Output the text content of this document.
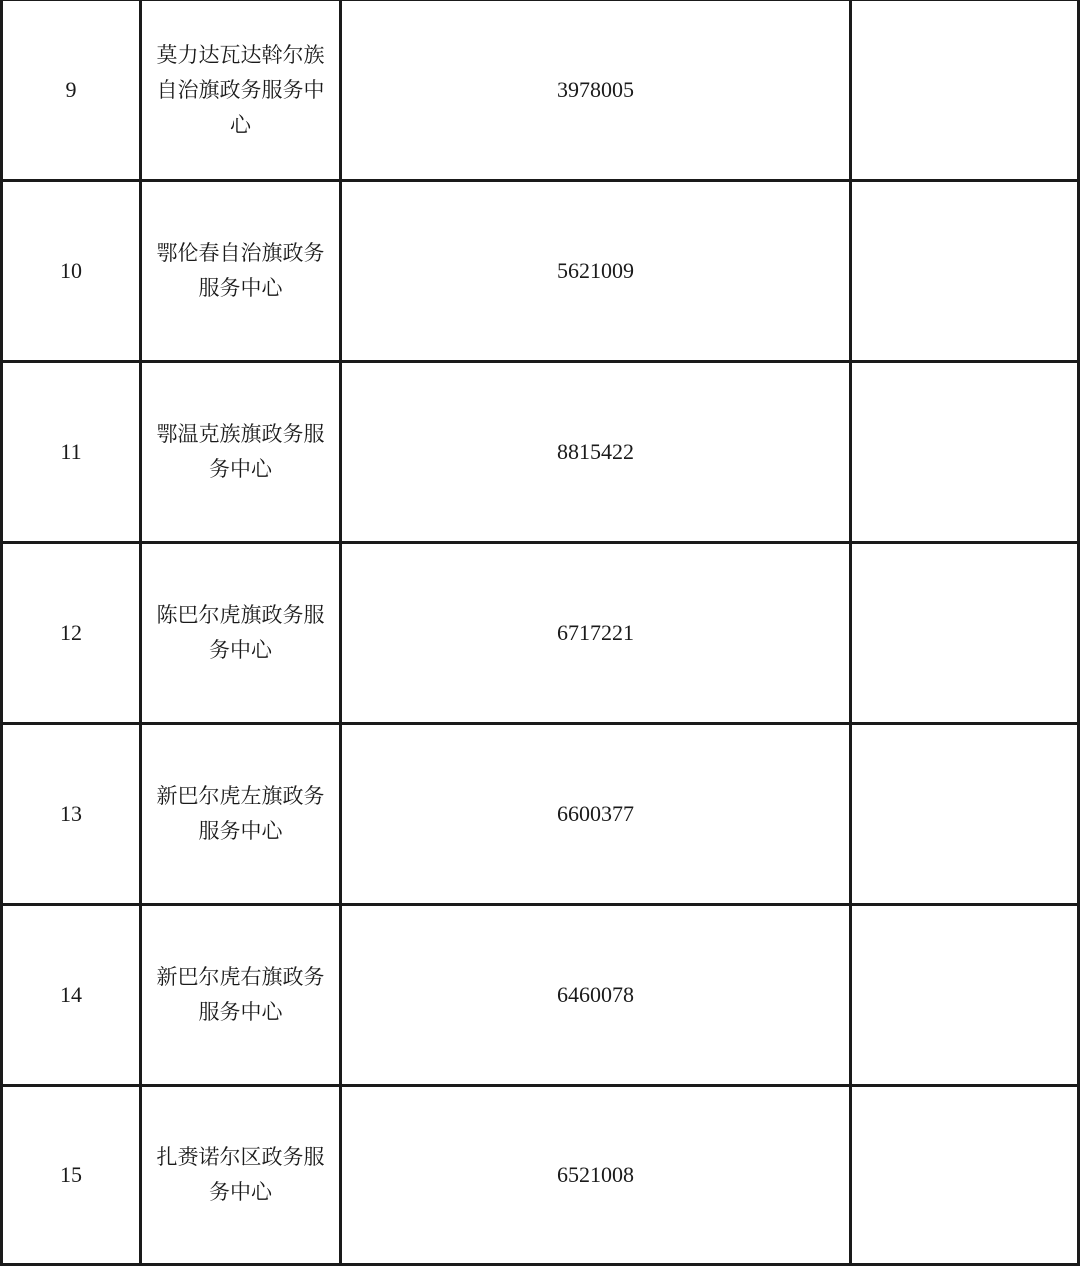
9	莫力达瓦达斡尔族自治旗政务服务中心	3978005	
10	鄂伦春自治旗政务服务中心	5621009	
11	鄂温克族旗政务服务中心	8815422	
12	陈巴尔虎旗政务服务中心	6717221	
13	新巴尔虎左旗政务服务中心	6600377	
14	新巴尔虎右旗政务服务中心	6460078	
15	扎赉诺尔区政务服务中心	6521008	
